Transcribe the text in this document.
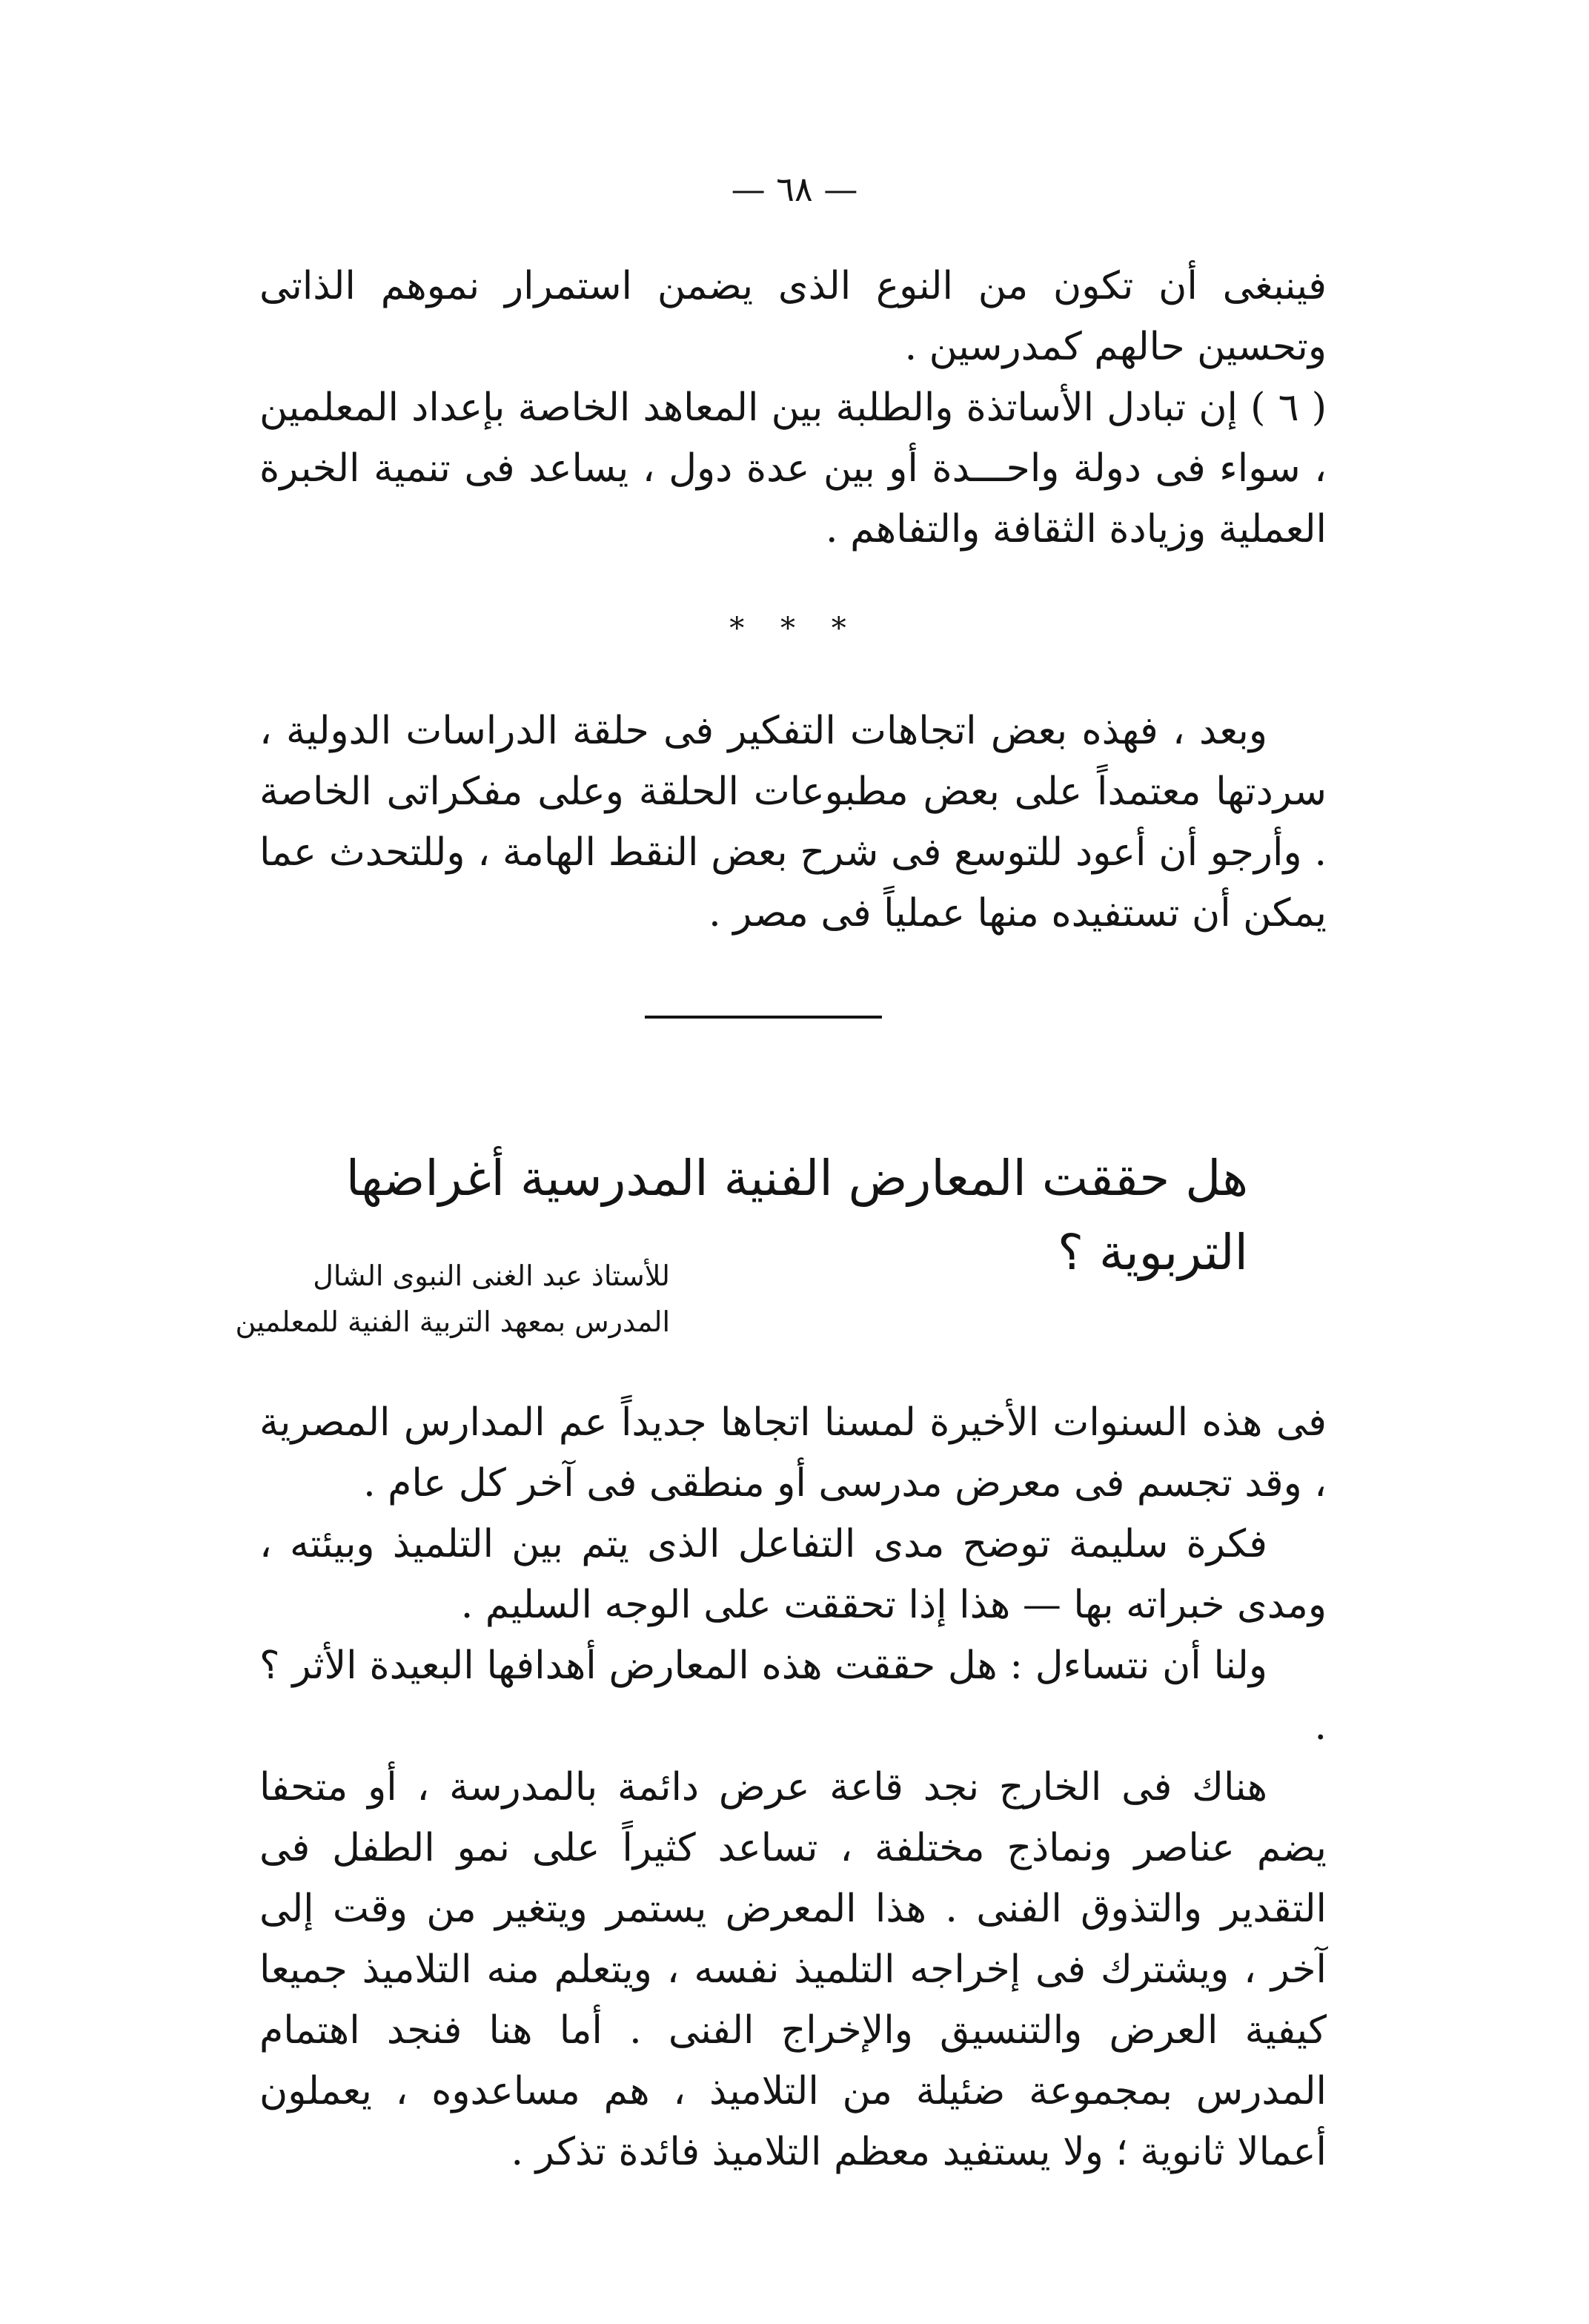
— ٦٨ —

فينبغى أن تكون من النوع الذى يضمن استمرار نموهم الذاتى وتحسين حالهم كمدرسين .

( ٦ ) إن تبادل الأساتذة والطلبة بين المعاهد الخاصة بإعداد المعلمين ، سواء فى دولة واحـــدة أو بين عدة دول ، يساعد فى تنمية الخبرة العملية وزيادة الثقافة والتفاهم .

* * *

وبعد ، فهذه بعض اتجاهات التفكير فى حلقة الدراسات الدولية ، سردتها معتمداً على بعض مطبوعات الحلقة وعلى مفكراتى الخاصة . وأرجو أن أعود للتوسع فى شرح بعض النقط الهامة ، وللتحدث عما يمكن أن تستفيده منها عملياً فى مصر .

هل حققت المعارض الفنية المدرسية أغراضها التربوية ؟

للأستاذ عبد الغنى النبوى الشال

المدرس بمعهد التربية الفنية للمعلمين

فى هذه السنوات الأخيرة لمسنا اتجاها جديداً عم المدارس المصرية ، وقد تجسم فى معرض مدرسى أو منطقى فى آخر كل عام .

فكرة سليمة توضح مدى التفاعل الذى يتم بين التلميذ وبيئته ، ومدى خبراته بها — هذا إذا تحققت على الوجه السليم .

ولنا أن نتساءل : هل حققت هذه المعارض أهدافها البعيدة الأثر ؟ .

هناك فى الخارج نجد قاعة عرض دائمة بالمدرسة ، أو متحفا يضم عناصر ونماذج مختلفة ، تساعد كثيراً على نمو الطفل فى التقدير والتذوق الفنى . هذا المعرض يستمر ويتغير من وقت إلى آخر ، ويشترك فى إخراجه التلميذ نفسه ، ويتعلم منه التلاميذ جميعا كيفية العرض والتنسيق والإخراج الفنى . أما هنا فنجد اهتمام المدرس بمجموعة ضئيلة من التلاميذ ، هم مساعدوه ، يعملون أعمالا ثانوية ؛ ولا يستفيد معظم التلاميذ فائدة تذكر .
